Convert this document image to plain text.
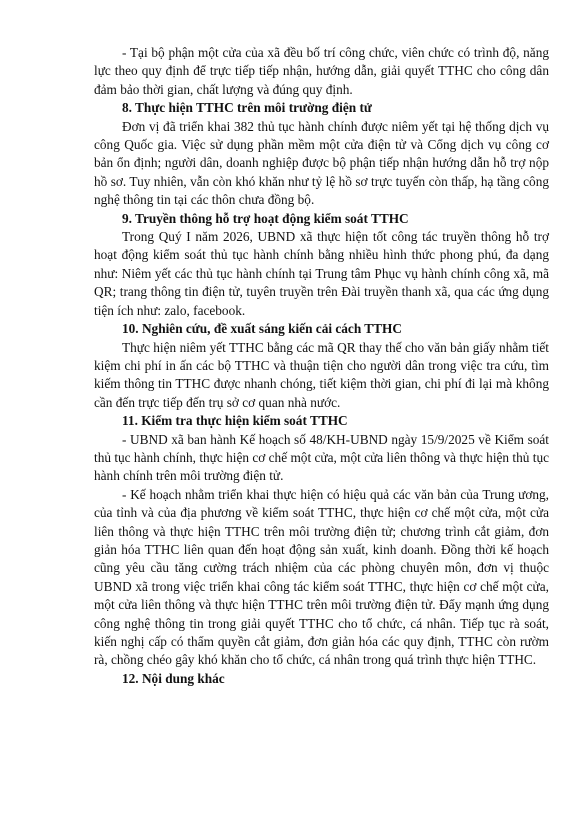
- Tại bộ phận một cửa của xã đều bố trí công chức, viên chức có trình độ, năng lực theo quy định để trực tiếp tiếp nhận, hướng dẫn, giải quyết TTHC cho công dân đảm bảo thời gian, chất lượng và đúng quy định.

8. Thực hiện TTHC trên môi trường điện tử

Đơn vị đã triển khai 382 thủ tục hành chính được niêm yết tại hệ thống dịch vụ công Quốc gia. Việc sử dụng phần mềm một cửa điện tử và Cổng dịch vụ công cơ bản ổn định; người dân, doanh nghiệp được bộ phận tiếp nhận hướng dẫn hỗ trợ nộp hồ sơ. Tuy nhiên, vẫn còn khó khăn như tỷ lệ hồ sơ trực tuyến còn thấp, hạ tầng công nghệ thông tin tại các thôn chưa đồng bộ.

9. Truyền thông hỗ trợ hoạt động kiểm soát TTHC

Trong Quý I năm 2026, UBND xã thực hiện tốt công tác truyền thông hỗ trợ hoạt động kiểm soát thủ tục hành chính bằng nhiều hình thức phong phú, đa dạng như: Niêm yết các thủ tục hành chính tại Trung tâm Phục vụ hành chính công xã, mã QR; trang thông tin điện tử, tuyên truyền trên Đài truyền thanh xã, qua các ứng dụng tiện ích như: zalo, facebook.

10. Nghiên cứu, đề xuất sáng kiến cải cách TTHC

Thực hiện niêm yết TTHC bằng các mã QR thay thế cho văn bản giấy nhằm tiết kiệm chi phí in ấn các bộ TTHC và thuận tiện cho người dân trong việc tra cứu, tìm kiếm thông tin TTHC được nhanh chóng, tiết kiệm thời gian, chi phí đi lại mà không cần đến trực tiếp đến trụ sở cơ quan nhà nước.

11. Kiểm tra thực hiện kiểm soát TTHC

- UBND xã ban hành Kế hoạch số 48/KH-UBND ngày 15/9/2025 về Kiểm soát thủ tục hành chính, thực hiện cơ chế một cửa, một cửa liên thông và thực hiện thủ tục hành chính trên môi trường điện tử.

- Kế hoạch nhằm triển khai thực hiện có hiệu quả các văn bản của Trung ương, của tỉnh và của địa phương về kiểm soát TTHC, thực hiện cơ chế một cửa, một cửa liên thông và thực hiện TTHC trên môi trường điện tử; chương trình cắt giảm, đơn giản hóa TTHC liên quan đến hoạt động sản xuất, kinh doanh. Đồng thời kế hoạch cũng yêu cầu tăng cường trách nhiệm của các phòng chuyên môn, đơn vị thuộc UBND xã trong việc triển khai công tác kiểm soát TTHC, thực hiện cơ chế một cửa, một cửa liên thông và thực hiện TTHC trên môi trường điện tử. Đẩy mạnh ứng dụng công nghệ thông tin trong giải quyết TTHC cho tổ chức, cá nhân. Tiếp tục rà soát, kiến nghị cấp có thẩm quyền cắt giảm, đơn giản hóa các quy định, TTHC còn rườm rà, chồng chéo gây khó khăn cho tổ chức, cá nhân trong quá trình thực hiện TTHC.

12. Nội dung khác
